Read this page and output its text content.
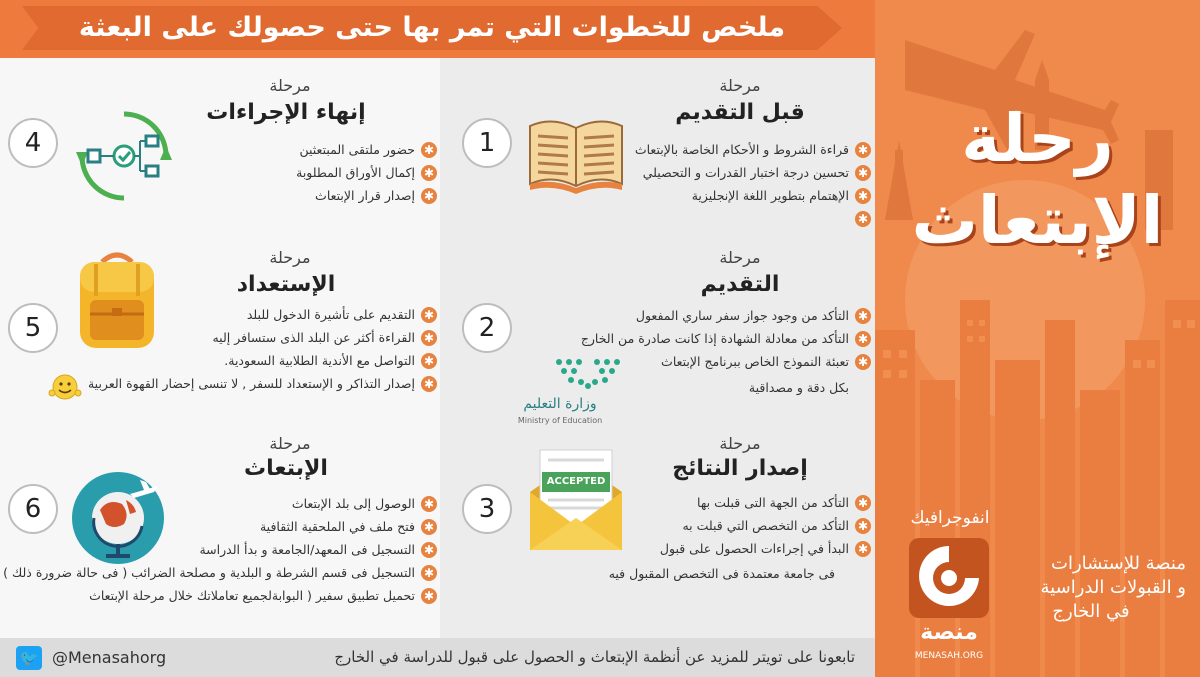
ملخص للخطوات التي تمر بها حتى حصولك على البعثة
مرحلة
قبل التقديم
✱
قراءة الشروط و الأحكام الخاصة بالإبتعاث
✱
تحسين درجة اختبار القدرات و التحصيلي
✱
الإهتمام بتطوير اللغة الإنجليزية
✱
1
مرحلة
التقديم
✱
التأكد من وجود جواز سفر ساري المفعول
✱
التأكد من معادلة الشهادة إذا كانت صادرة من الخارج
✱
تعبئة النموذج الخاص ببرنامج الإبتعاث
بكل دقة و مصداقية
وزارة التعليم
Ministry of Education
2
مرحلة
إصدار النتائج
✱
التأكد من الجهة التى قبلت بها
✱
التأكد من التخصص التي قبلت به
✱
البدأ في إجراءات الحصول على قبول
فى جامعة معتمدة فى التخصص المقبول فيه
ACCEPTED
3
مرحلة
إنهاء الإجراءات
✱
حضور ملتقى المبتعثين
✱
إكمال الأوراق المطلوبة
✱
إصدار قرار الإبتعاث
4
مرحلة
الإستعداد
✱
التقديم على تأشيرة الدخول للبلد
✱
القراءة أكثر عن البلد الذى ستسافر إليه
✱
التواصل مع الأندية الطلابية السعودية.
✱
إصدار التذاكر و الإستعداد للسفر , لا تنسى إحضار القهوة العربية
5
مرحلة
الإبتعاث
✱
الوصول إلى بلد الإبتعاث
✱
فتح ملف في الملحقية الثقافية
✱
التسجيل فى المعهد/الجامعة و بدأ الدراسة
✱
التسجيل فى قسم الشرطة و البلدية و مصلحة الضرائب ( فى حالة ضرورة ذلك )
✱
تحميل تطبيق سفير ( البوابةلجميع تعاملاتك خلال مرحلة الإبتعاث
6
🐦 @Menasahorg	تابعونا على تويتر للمزيد عن أنظمة الإبتعاث و الحصول على قبول للدراسة في الخارج
رحلة
الإبتعاث
انفوجرافيك
منصة
MENASAH.ORG
منصة للإستشارات
و القبولات الدراسية
في الخارج
